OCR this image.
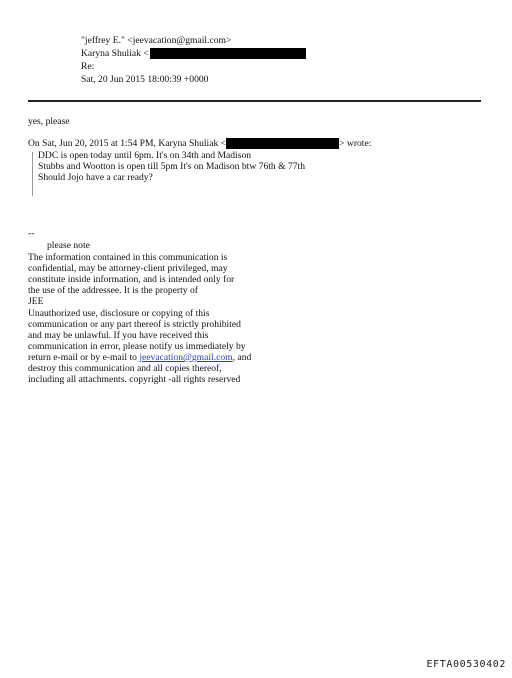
"jeffrey E." <jeevacation@gmail.com>
Karyna Shuliak <
Re:
Sat, 20 Jun 2015 18:00:39 +0000
yes, please
On Sat, Jun 20, 2015 at 1:54 PM, Karyna Shuliak <	> wrote:
DDC is open today until 6pm. It's on 34th and Madison
Stubbs and Wootton is open till 5pm It's on Madison btw 76th & 77th
Should Jojo have a car ready?
--
please note
The information contained in this communication is
confidential, may be attorney-client privileged, may
constitute inside information, and is intended only for
the use of the addressee. It is the property of
JEE
Unauthorized use, disclosure or copying of this
communication or any part thereof is strictly prohibited
and may be unlawful. If you have received this
communication in error, please notify us immediately by
return e-mail or by e-mail to jeevacation@gmail.com, and
destroy this communication and all copies thereof,
including all attachments. copyright -all rights reserved
EFTA00530402
